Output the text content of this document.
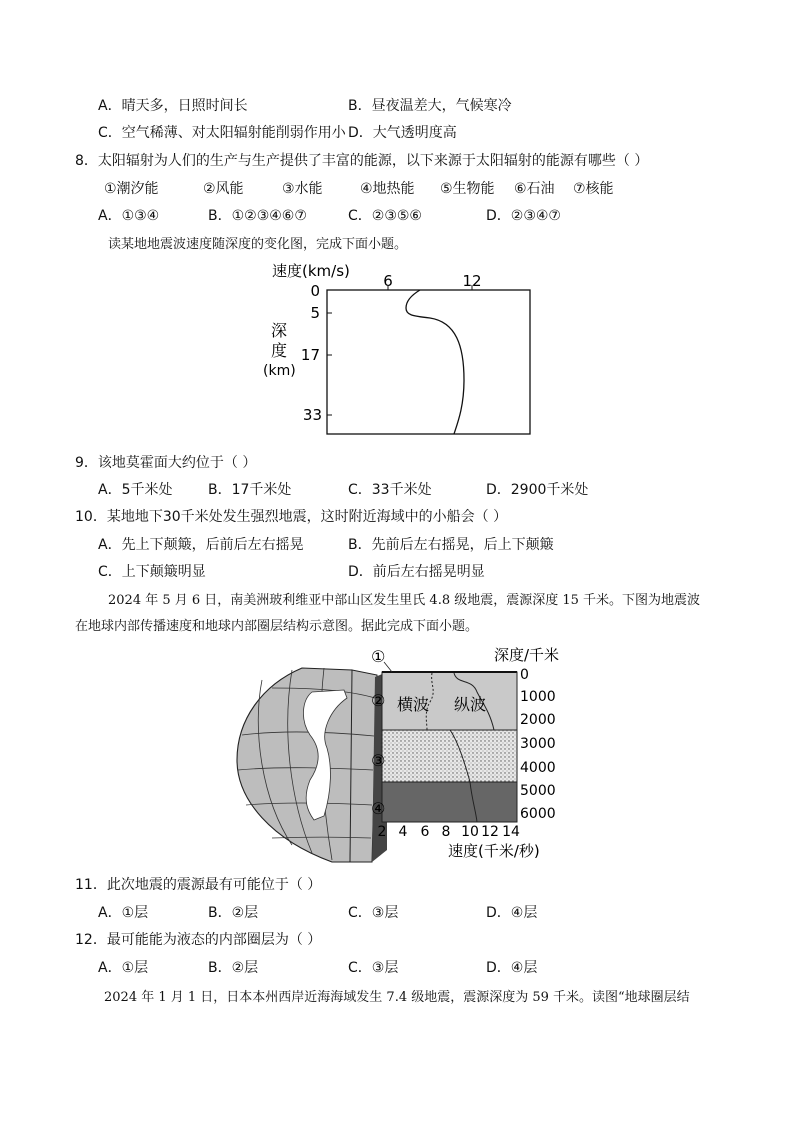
A．晴天多，日照时间长	B．昼夜温差大，气候寒冷
C．空气稀薄、对太阳辐射能削弱作用小 D．大气透明度高
8．太阳辐射为人们的生产与生产提供了丰富的能源，以下来源于太阳辐射的能源有哪些（ ）
①潮汐能	②风能	③水能	④地热能 ⑤生物能 ⑥石油 ⑦核能
A．①③④	B．①②③④⑥⑦	C．②③⑤⑥	D．②③④⑦
读某地地震波速度随深度的变化图，完成下面小题。
速度(km/s)
6	12
0
5
17
33
深
度
(km)
9．该地莫霍面大约位于（ ）
A．5千米处	B．17千米处	C．33千米处	D．2900千米处
10．某地地下30千米处发生强烈地震，这时附近海域中的小船会（ ）
A．先上下颠簸，后前后左右摇晃	B．先前后左右摇晃，后上下颠簸
C．上下颠簸明显	D．前后左右摇晃明显
2024 年 5 月 6 日，南美洲玻利维亚中部山区发生里氏 4.8 级地震，震源深度 15 千米。下图为地震波
在地球内部传播速度和地球内部圈层结构示意图。据此完成下面小题。
横波 纵波
①
②
③
④
深度/千米
0
1000
2000
3000
4000
5000
6000
2 4 6 8 10 12 14
速度(千米/秒)
11．此次地震的震源最有可能位于（ ）
A．①层	B．②层	C．③层	D．④层
12．最可能能为液态的内部圈层为（ ）
A．①层	B．②层	C．③层	D．④层
2024 年 1 月 1 日，日本本州西岸近海海域发生 7.4 级地震，震源深度为 59 千米。读图“地球圈层结
